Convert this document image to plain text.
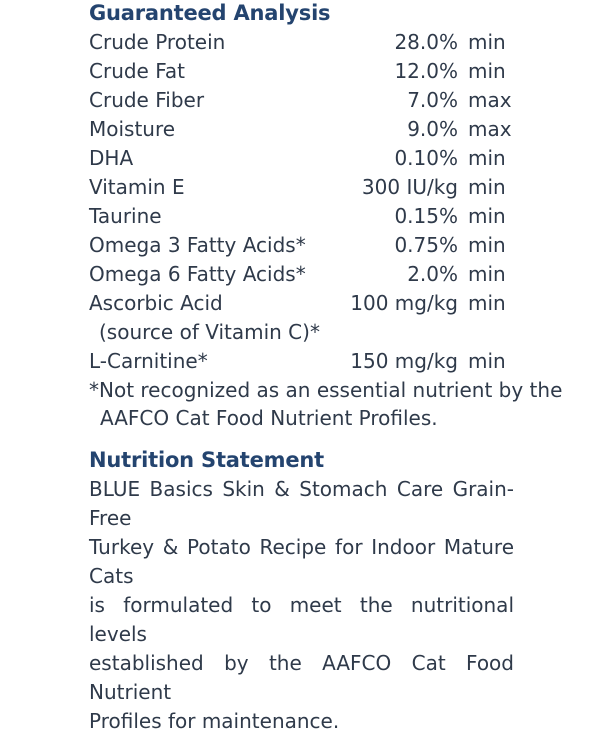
Guaranteed Analysis
Crude Protein	28.0% min
Crude Fat	12.0% min
Crude Fiber	7.0% max
Moisture	9.0% max
DHA	0.10% min
Vitamin E	300 IU/kg min
Taurine	0.15% min
Omega 3 Fatty Acids*	0.75% min
Omega 6 Fatty Acids*	2.0% min
Ascorbic Acid	100 mg/kg min
(source of Vitamin C)*
L-Carnitine*	150 mg/kg min
*Not recognized as an essential nutrient by the
AAFCO Cat Food Nutrient Profiles.
Nutrition Statement
BLUE Basics Skin & Stomach Care Grain-Free
Turkey & Potato Recipe for Indoor Mature Cats
is formulated to meet the nutritional levels
established by the AAFCO Cat Food Nutrient
Profiles for maintenance.
